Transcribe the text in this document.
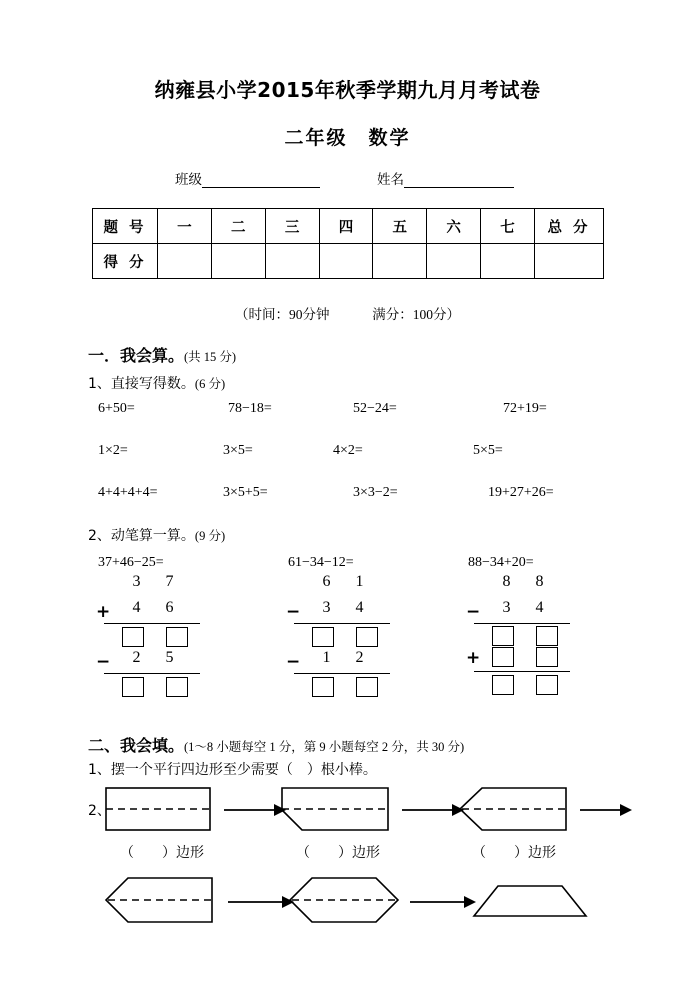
纳雍县小学2015年秋季学期九月月考试卷
二年级　数学
班级	姓名
题 号	一	二	三	四	五	六	七	总 分
得 分								
（时间：90分钟	满分：100分）
一．我会算。(共 15 分)
1、直接写得数。(6 分)
6+50=	78−18=	52−24=	72+19=
1×2=	3×5=	4×2=	5×5=
4+4+4+4=	3×5+5=	3×3−2=	19+27+26=
2、动笔算一算。(9 分)
37+46−25=
3 7
+ 4 6
− 2 5
61−34−12=
6 1
− 3 4
− 1 2
88−34+20=
8 8
− 3 4
+
二、我会填。(1～8 小题每空 1 分，第 9 小题每空 2 分，共 30 分)
1、摆一个平行四边形至少需要（　）根小棒。
2、
（　　）边形	（　　）边形	（　　）边形
